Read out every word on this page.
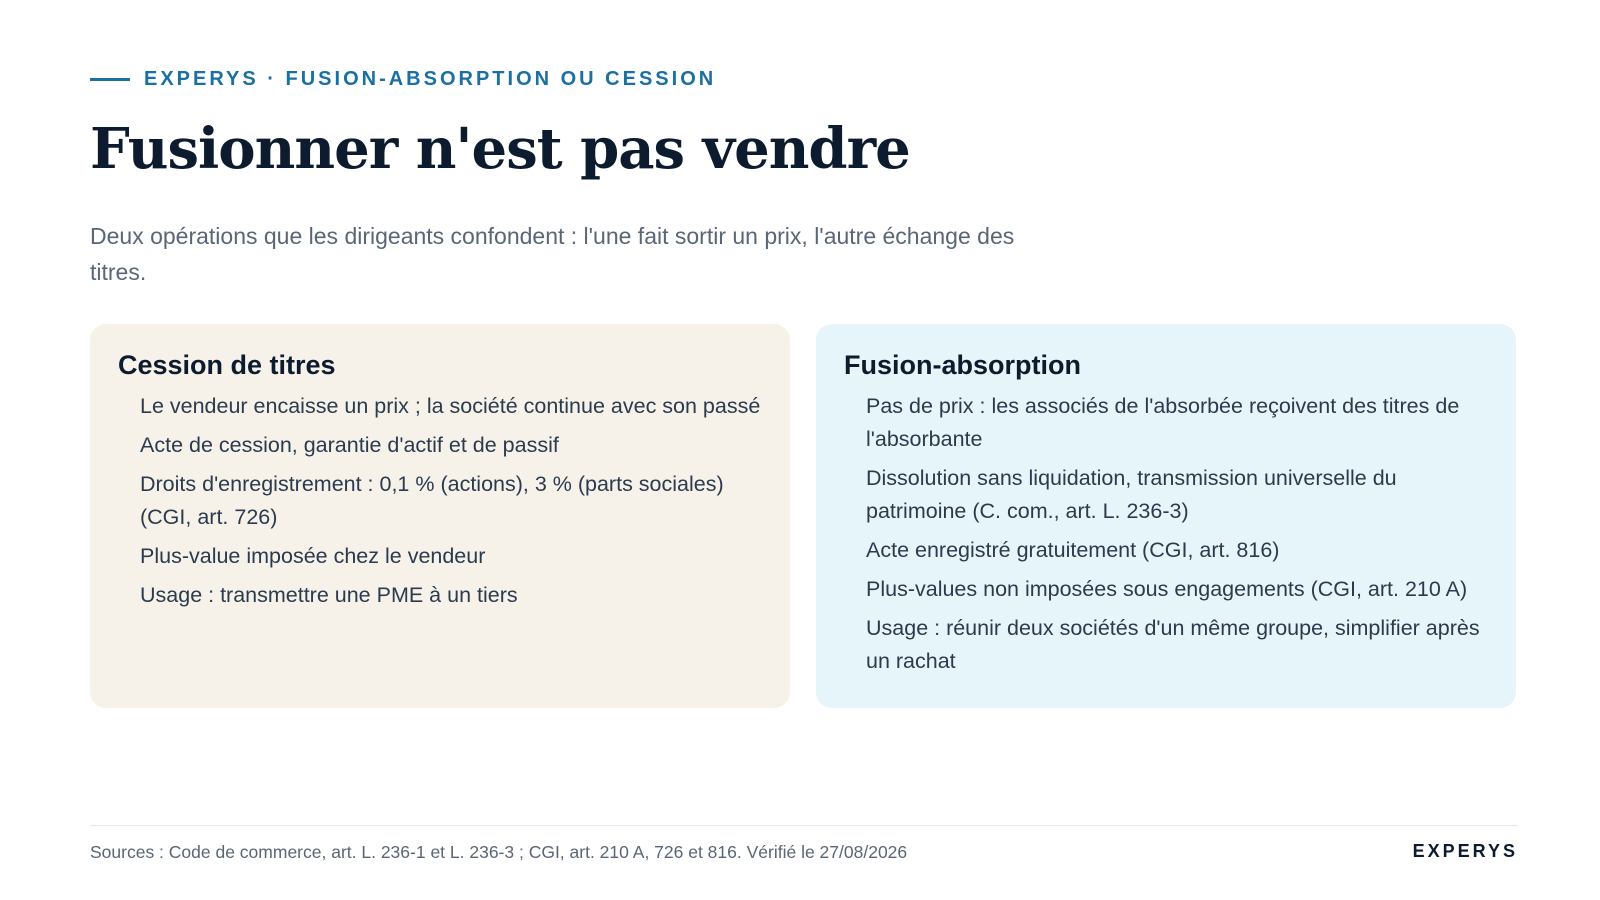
EXPERYS · FUSION-ABSORPTION OU CESSION
Fusionner n'est pas vendre

Deux opérations que les dirigeants confondent : l'une fait sortir un prix, l'autre échange des titres.

Cession de titres
Le vendeur encaisse un prix ; la société continue avec son passé
Acte de cession, garantie d'actif et de passif
Droits d'enregistrement : 0,1 % (actions), 3 % (parts sociales) (CGI, art. 726)
Plus-value imposée chez le vendeur
Usage : transmettre une PME à un tiers
Fusion-absorption
Pas de prix : les associés de l'absorbée reçoivent des titres de l'absorbante
Dissolution sans liquidation, transmission universelle du patrimoine (C. com., art. L. 236-3)
Acte enregistré gratuitement (CGI, art. 816)
Plus-values non imposées sous engagements (CGI, art. 210 A)
Usage : réunir deux sociétés d'un même groupe, simplifier après un rachat
Sources : Code de commerce, art. L. 236-1 et L. 236-3 ; CGI, art. 210 A, 726 et 816. Vérifié le 27/08/2026	EXPERYS
